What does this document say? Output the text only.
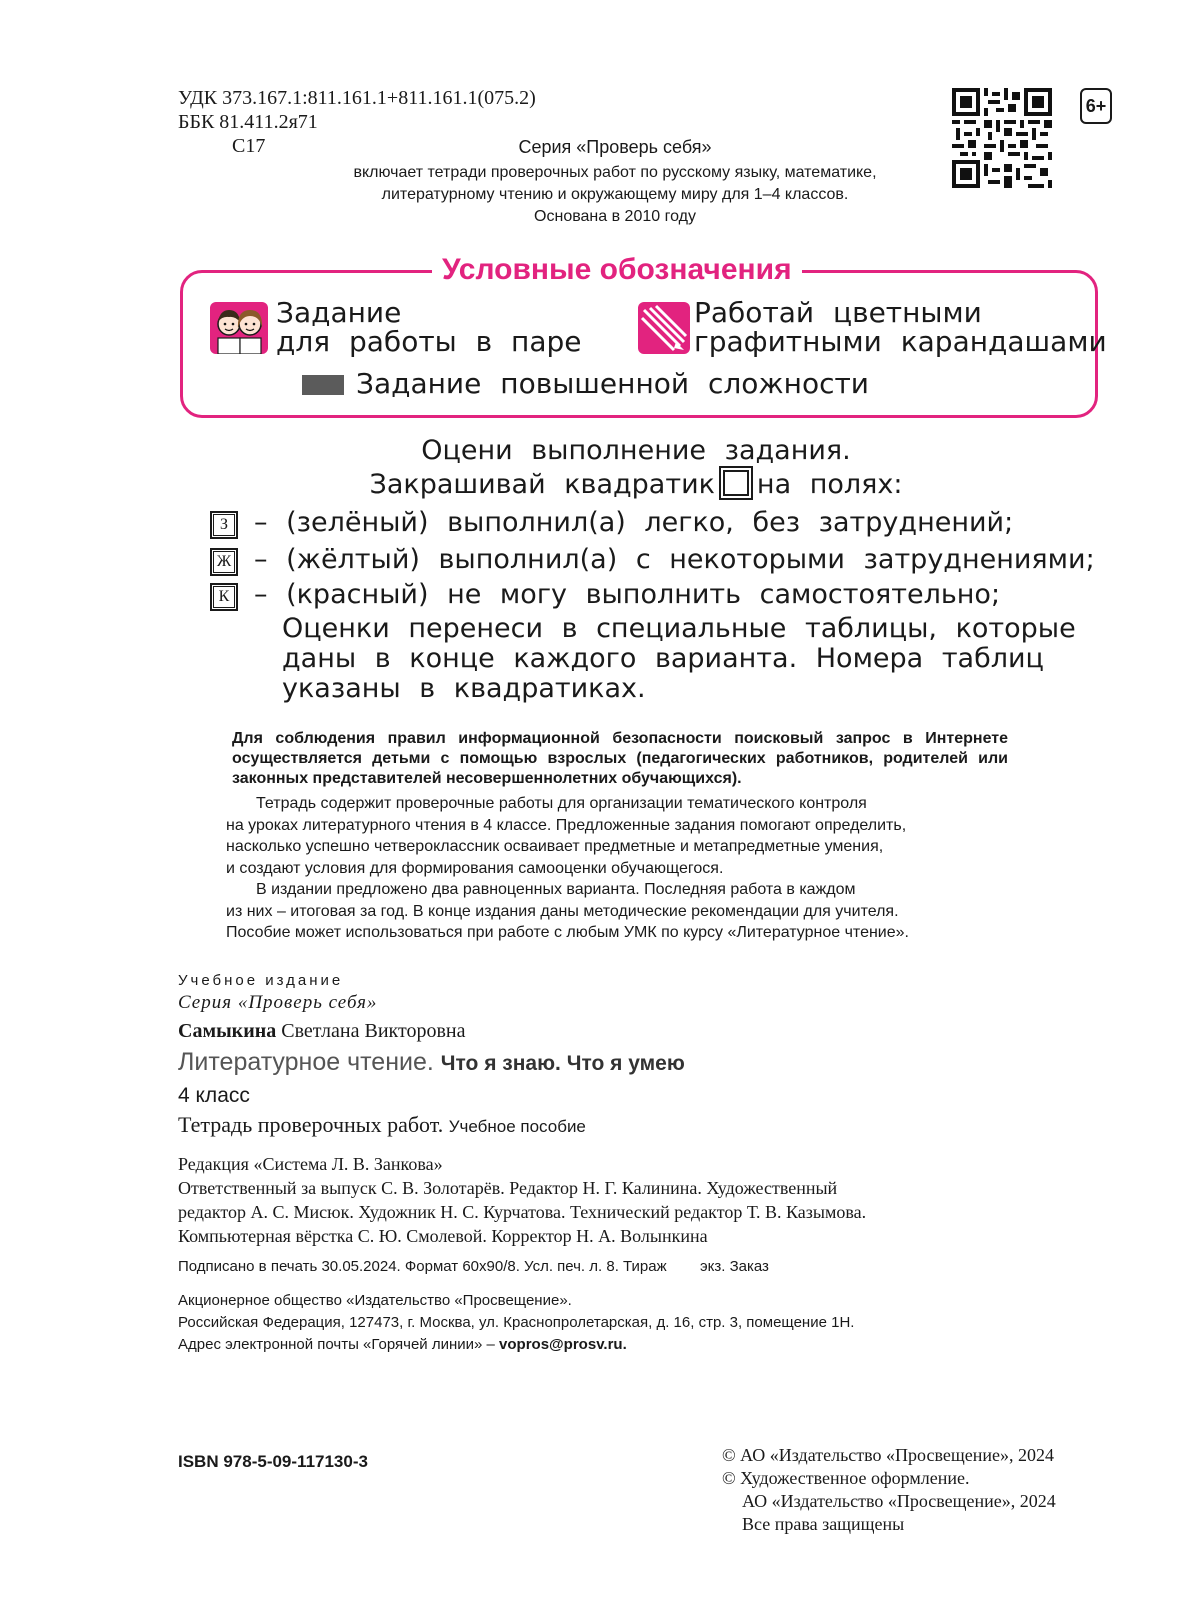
УДК 373.167.1:811.161.1+811.161.1(075.2)
ББК 81.411.2я71
С17	Серия «Проверь себя»
включает тетради проверочных работ по русскому языку, математике,
литературному чтению и окружающему миру для 1–4 классов.
Основана в 2010 году
6+
Условные обозначения
Задание
для работы в паре
Работай цветными
графитными карандашами
Задание повышенной сложности
Оцени выполнение задания.
Закрашивай квадратик на полях:
З – (зелёный) выполнил(а) легко, без затруднений;
Ж – (жёлтый) выполнил(а) с некоторыми затруднениями;
К – (красный) не могу выполнить самостоятельно;
Оценки перенеси в специальные таблицы, которые
даны в конце каждого варианта. Номера таблиц
указаны в квадратиках.
Для соблюдения правил информационной безопасности поисковый запрос в Интернете осуществляется детьми с помощью взрослых (педагогических работников, родителей или законных представителей несовершеннолетних обучающихся).
Тетрадь содержит проверочные работы для организации тематического контроля
на уроках литературного чтения в 4 классе. Предложенные задания помогают определить,
насколько успешно четвероклассник осваивает предметные и метапредметные умения,
и создают условия для формирования самооценки обучающегося.
В издании предложено два равноценных варианта. Последняя работа в каждом
из них – итоговая за год. В конце издания даны методические рекомендации для учителя.
Пособие может использоваться при работе с любым УМК по курсу «Литературное чтение».
Учебное издание
Серия «Проверь себя»
Самыкина Светлана Викторовна
Литературное чтение. Что я знаю. Что я умею
4 класс
Тетрадь проверочных работ. Учебное пособие
Редакция «Система Л. В. Занкова»
Ответственный за выпуск С. В. Золотарёв. Редактор Н. Г. Калинина. Художественный
редактор А. С. Мисюк. Художник Н. С. Курчатова. Технический редактор Т. В. Казымова.
Компьютерная вёрстка С. Ю. Смолевой. Корректор Н. А. Волынкина
Подписано в печать 30.05.2024. Формат 60х90/8. Усл. печ. л. 8. Тираж        экз. Заказ
Акционерное общество «Издательство «Просвещение».
Российская Федерация, 127473, г. Москва, ул. Краснопролетарская, д. 16, стр. 3, помещение 1Н.
Адрес электронной почты «Горячей линии» – vopros@prosv.ru.
ISBN 978-5-09-117130-3	© АО «Издательство «Просвещение», 2024
© Художественное оформление.
АО «Издательство «Просвещение», 2024
Все права защищены
